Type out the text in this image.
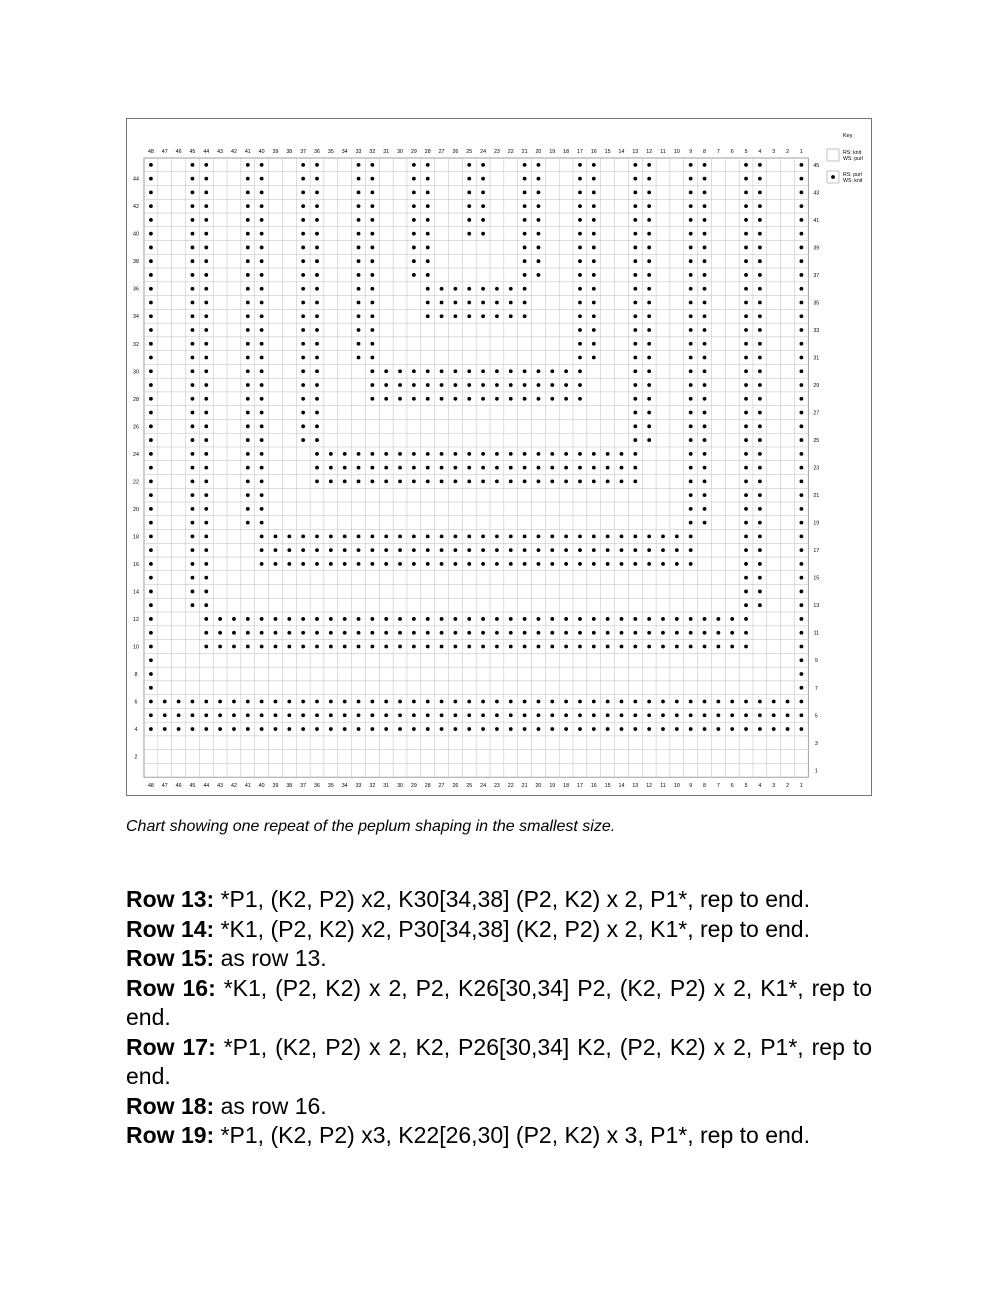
48
48
47
47
46
46
45
45
44
44
43
43
42
42
41
41
40
40
39
39
38
38
37
37
36
36
35
35
34
34
33
33
32
32
31
31
30
30
29
29
28
28
27
27
26
26
25
25
24
24
23
23
22
22
21
21
20
20
19
19
18
18
17
17
16
16
15
15
14
14
13
13
12
12
11
11
10
10
9
9
8
8
7
7
6
6
5
5
4
4
3
3
2
2
1
1
44
42
40
38
36
34
32
30
28
26
24
22
20
18
16
14
12
10
8
6
4
2
45
43
41
39
37
35
33
31
29
27
25
23
21
19
17
15
13
11
9
7
5
3
1
Key
RS: knit
WS: purl
RS: purl
WS: knit
Chart showing one repeat of the peplum shaping in the smallest size.

Row 13: *P1, (K2, P2) x2, K30[34,38] (P2, K2) x 2, P1*, rep to end.

Row 14: *K1, (P2, K2) x2, P30[34,38] (K2, P2) x 2, K1*, rep to end.

Row 15: as row 13.

Row 16: *K1, (P2, K2) x 2, P2, K26[30,34] P2, (K2, P2) x 2, K1*, rep to end.

Row 17: *P1, (K2, P2) x 2, K2, P26[30,34] K2, (P2, K2) x 2, P1*, rep to end.

Row 18: as row 16.

Row 19: *P1, (K2, P2) x3, K22[26,30] (P2, K2) x 3, P1*, rep to end.
